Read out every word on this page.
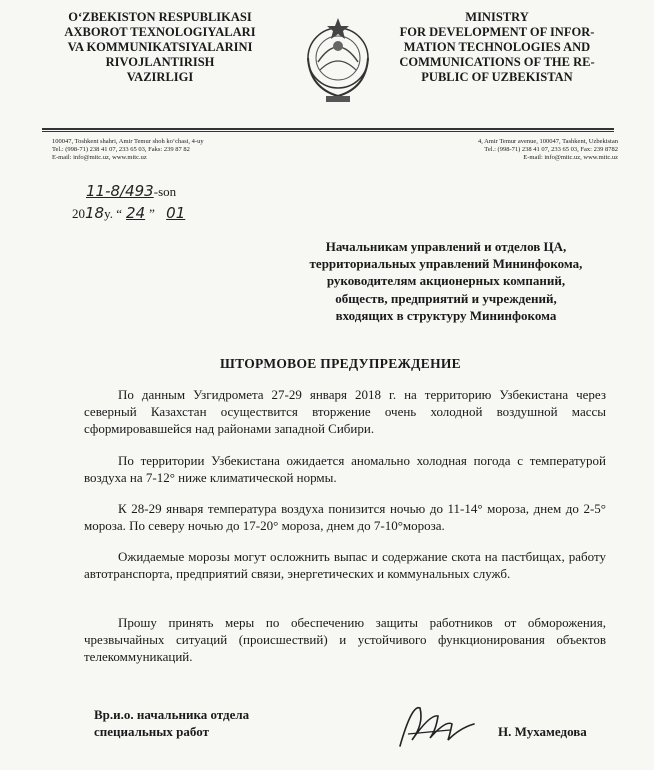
O‘ZBEKISTON RESPUBLIKASI
AXBOROT TEXNOLOGIYALARI
VA KOMMUNIKATSIYALARINI
RIVOJLANTIRISH
VAZIRLIGI
MINISTRY
FOR DEVELOPMENT OF INFOR-
MATION TECHNOLOGIES AND
COMMUNICATIONS OF THE RE-
PUBLIC OF UZBEKISTAN
100047, Toshkent shahri, Amir Temur shoh ko‘chasi, 4-uy
Tel.: (998-71) 238 41 07, 233 65 03, Faks: 239 87 82
E-mail: info@mitc.uz, www.mitc.uz
4, Amir Temur avenue, 100047, Tashkent, Uzbekistan
Tel.: (998-71) 238 41 07, 233 65 03, Fax: 239 8782
E-mail: info@mitc.uz, www.mitc.uz
11-8/493-son
2018y. “ 24 ” 01
Начальникам управлений и отделов ЦА,
территориальных управлений Мининфокома,
руководителям акционерных компаний,
обществ, предприятий и учреждений,
входящих в структуру Мининфокома
ШТОРМОВОЕ ПРЕДУПРЕЖДЕНИЕ
По данным Узгидромета 27-29 января 2018 г. на территорию Узбекистана через северный Казахстан осуществится вторжение очень холодной воздушной массы сформировавшейся над районами западной Сибири.
По территории Узбекистана ожидается аномально холодная погода с температурой воздуха на 7-12° ниже климатической нормы.
К 28-29 января температура воздуха понизится ночью до 11-14° мороза, днем до 2-5° мороза. По северу ночью до 17-20° мороза, днем до 7-10°мороза.
Ожидаемые морозы могут осложнить выпас и содержание скота на пастбищах, работу автотранспорта, предприятий связи, энергетических и коммунальных служб.
Прошу принять меры по обеспечению защиты работников от обморожения, чрезвычайных ситуаций (происшествий) и устойчивого функционирования объектов телекоммуникаций.
Вр.и.о. начальника отдела
специальных работ	Н. Мухамедова
